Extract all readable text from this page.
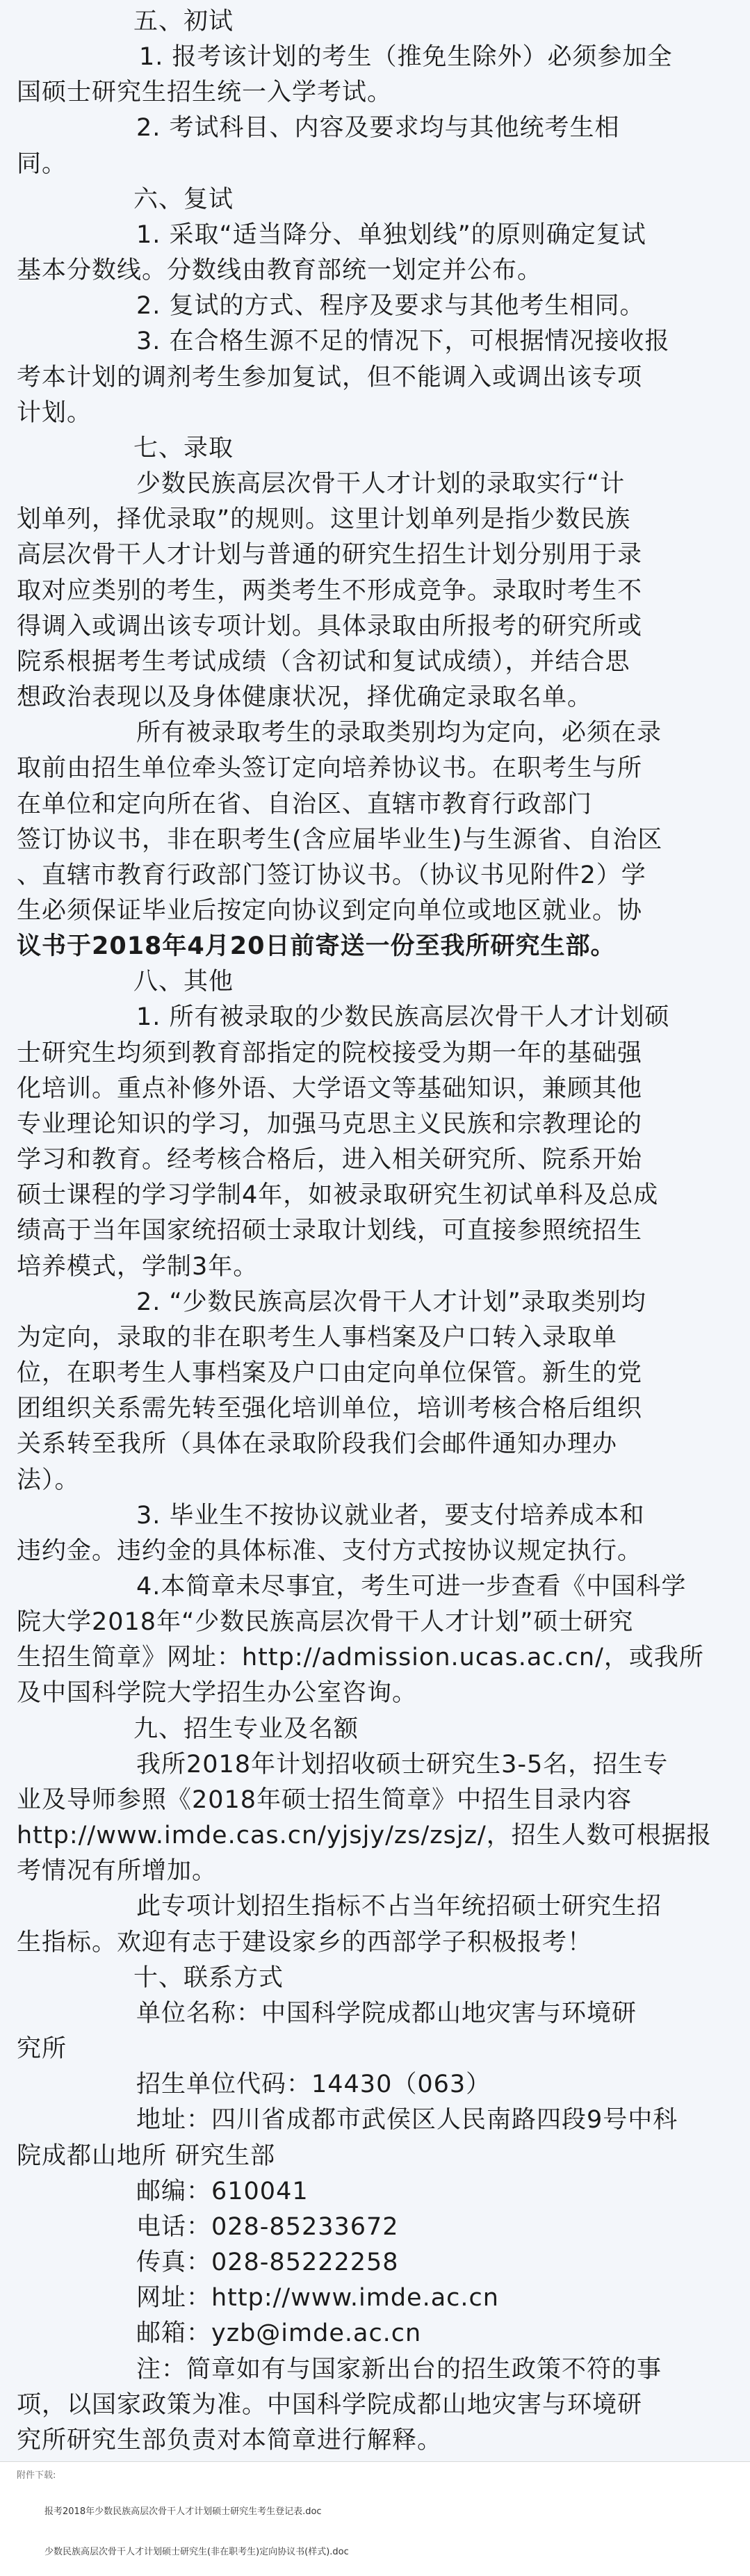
五、初试
1. 报考该计划的考生（推免生除外）必须参加全
国硕士研究生招生统一入学考试。
2. 考试科目、内容及要求均与其他统考生相
同。
六、复试
1. 采取“适当降分、单独划线”的原则确定复试
基本分数线。分数线由教育部统一划定并公布。
2. 复试的方式、程序及要求与其他考生相同。
3. 在合格生源不足的情况下，可根据情况接收报
考本计划的调剂考生参加复试，但不能调入或调出该专项
计划。
七、录取
少数民族高层次骨干人才计划的录取实行“计
划单列，择优录取”的规则。这里计划单列是指少数民族
高层次骨干人才计划与普通的研究生招生计划分别用于录
取对应类别的考生，两类考生不形成竞争。录取时考生不
得调入或调出该专项计划。具体录取由所报考的研究所或
院系根据考生考试成绩（含初试和复试成绩），并结合思
想政治表现以及身体健康状况，择优确定录取名单。
所有被录取考生的录取类别均为定向，必须在录
取前由招生单位牵头签订定向培养协议书。在职考生与所
在单位和定向所在省、自治区、直辖市教育行政部门
签订协议书，非在职考生(含应届毕业生)与生源省、自治区
、直辖市教育行政部门签订协议书。（协议书见附件2）学
生必须保证毕业后按定向协议到定向单位或地区就业。协
议书于2018年4月20日前寄送一份至我所研究生部。
八、其他
1. 所有被录取的少数民族高层次骨干人才计划硕
士研究生均须到教育部指定的院校接受为期一年的基础强
化培训。重点补修外语、大学语文等基础知识，兼顾其他
专业理论知识的学习，加强马克思主义民族和宗教理论的
学习和教育。经考核合格后，进入相关研究所、院系开始
硕士课程的学习学制4年，如被录取研究生初试单科及总成
绩高于当年国家统招硕士录取计划线，可直接参照统招生
培养模式，学制3年。
2. “少数民族高层次骨干人才计划”录取类别均
为定向，录取的非在职考生人事档案及户口转入录取单
位，在职考生人事档案及户口由定向单位保管。新生的党
团组织关系需先转至强化培训单位，培训考核合格后组织
关系转至我所（具体在录取阶段我们会邮件通知办理办
法）。
3. 毕业生不按协议就业者，要支付培养成本和
违约金。违约金的具体标准、支付方式按协议规定执行。
4.本简章未尽事宜，考生可进一步查看《中国科学
院大学2018年“少数民族高层次骨干人才计划”硕士研究
生招生简章》网址：http://admission.ucas.ac.cn/，或我所
及中国科学院大学招生办公室咨询。
九、招生专业及名额
我所2018年计划招收硕士研究生3-5名，招生专
业及导师参照《2018年硕士招生简章》中招生目录内容
http://www.imde.cas.cn/yjsjy/zs/zsjz/，招生人数可根据报
考情况有所增加。
此专项计划招生指标不占当年统招硕士研究生招
生指标。欢迎有志于建设家乡的西部学子积极报考！
十、联系方式
单位名称：中国科学院成都山地灾害与环境研
究所
招生单位代码：14430（063）
地址：四川省成都市武侯区人民南路四段9号中科
院成都山地所 研究生部
邮编：610041
电话：028-85233672
传真：028-85222258
网址：http://www.imde.ac.cn
邮箱：yzb@imde.ac.cn
注：简章如有与国家新出台的招生政策不符的事
项，以国家政策为准。中国科学院成都山地灾害与环境研
究所研究生部负责对本简章进行解释。
附件下载:
报考2018年少数民族高层次骨干人才计划硕士研究生考生登记表.doc
少数民族高层次骨干人才计划硕士研究生(非在职考生)定向协议书(样式).doc
